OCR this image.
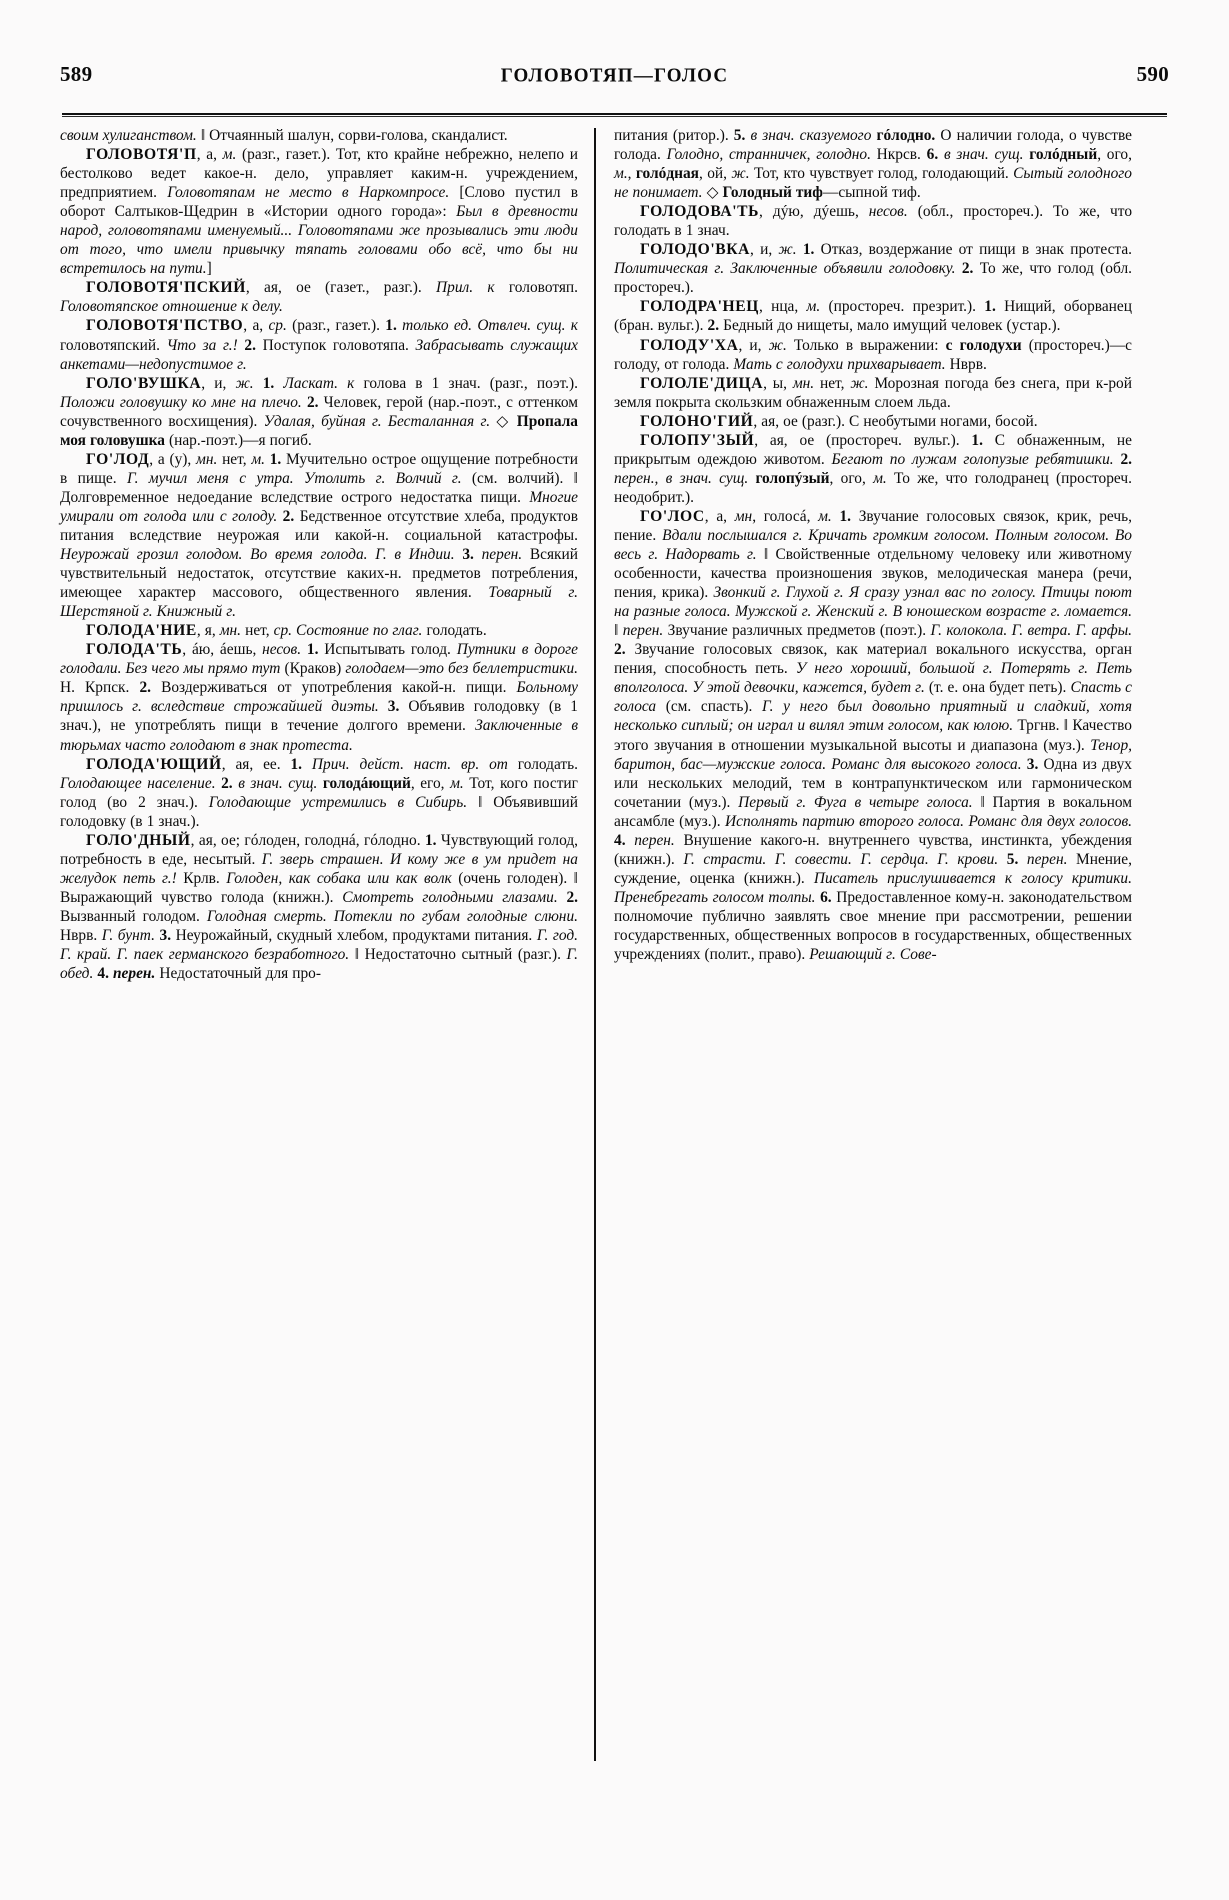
589	ГОЛОВОТЯП—ГОЛОС	590

своим хулиганством. ‖ Отчаянный шалун, сорви-голова, скандалист.

ГОЛОВОТЯ'П, а, м. (разг., газет.). Тот, кто крайне небрежно, нелепо и бестолково ведет какое-н. дело, управляет каким-н. учреждением, предприятием. Головотяпам не место в Наркомпросе. [Слово пустил в оборот Салтыков-Щедрин в «Истории одного города»: Был в древности народ, головотяпами именуемый... Головотяпами же прозывались эти люди от того, что имели привычку тяпать головами обо всё, что бы ни встретилось на пути.]

ГОЛОВОТЯ'ПСКИЙ, ая, ое (газет., разг.). Прил. к головотяп. Головотяпское отношение к делу.

ГОЛОВОТЯ'ПСТВО, а, ср. (разг., газет.). 1. только ед. Отвлеч. сущ. к головотяпский. Что за г.! 2. Поступок головотяпа. Забрасывать служащих анкетами—недопустимое г.

ГОЛО'ВУШКА, и, ж. 1. Ласкат. к голова в 1 знач. (разг., поэт.). Положи головушку ко мне на плечо. 2. Человек, герой (нар.-поэт., с оттенком сочувственного восхищения). Удалая, буйная г. Бесталанная г. ◇ Пропала моя головушка (нар.-поэт.)—я погиб.

ГО'ЛОД, а (у), мн. нет, м. 1. Мучительно острое ощущение потребности в пище. Г. мучил меня с утра. Утолить г. Волчий г. (см. волчий). ‖ Долговременное недоедание вследствие острого недостатка пищи. Многие умирали от голода или с голоду. 2. Бедственное отсутствие хлеба, продуктов питания вследствие неурожая или какой-н. социальной катастрофы. Неурожай грозил голодом. Во время голода. Г. в Индии. 3. перен. Всякий чувствительный недостаток, отсутствие каких-н. предметов потребления, имеющее характер массового, общественного явления. Товарный г. Шерстяной г. Книжный г.

ГОЛОДА'НИЕ, я, мн. нет, ср. Состояние по глаг. голодать.

ГОЛОДА'ТЬ, áю, áешь, несов. 1. Испытывать голод. Путники в дороге голодали. Без чего мы прямо тут (Краков) голодаем—это без беллетристики. Н. Крпск. 2. Воздерживаться от употребления какой-н. пищи. Больному пришлось г. вследствие строжайшей диэты. 3. Объявив голодовку (в 1 знач.), не употреблять пищи в течение долгого времени. Заключенные в тюрьмах часто голодают в знак протеста.

ГОЛОДА'ЮЩИЙ, ая, ее. 1. Прич. дейст. наст. вр. от голодать. Голодающее население. 2. в знач. сущ. голодáющий, его, м. Тот, кого постиг голод (во 2 знач.). Голодающие устремились в Сибирь. ‖ Объявивший голодовку (в 1 знач.).

ГОЛО'ДНЫЙ, ая, ое; гóлоден, голоднá, гóлодно. 1. Чувствующий голод, потребность в еде, несытый. Г. зверь страшен. И кому же в ум придет на желудок петь г.! Крлв. Голоден, как собака или как волк (очень голоден). ‖ Выражающий чувство голода (книжн.). Смотреть голодными глазами. 2. Вызванный голодом. Голодная смерть. Потекли по губам голодные слюни. Нврв. Г. бунт. 3. Неурожайный, скудный хлебом, продуктами питания. Г. год. Г. край. Г. паек германского безработного. ‖ Недостаточно сытный (разг.). Г. обед. 4. перен. Недостаточный для про-

питания (ритор.). 5. в знач. сказуемого гóлодно. О наличии голода, о чувстве голода. Голодно, странничек, голодно. Нкрсв. 6. в знач. сущ. голóдный, ого, м., голóдная, ой, ж. Тот, кто чувствует голод, голодающий. Сытый голодного не понимает. ◇ Голодный тиф—сыпной тиф.

ГОЛОДОВА'ТЬ, дýю, дýешь, несов. (обл., простореч.). То же, что голодать в 1 знач.

ГОЛОДО'ВКА, и, ж. 1. Отказ, воздержание от пищи в знак протеста. Политическая г. Заключенные объявили голодовку. 2. То же, что голод (обл. простореч.).

ГОЛОДРА'НЕЦ, нца, м. (простореч. презрит.). 1. Нищий, оборванец (бран. вульг.). 2. Бедный до нищеты, мало имущий человек (устар.).

ГОЛОДУ'ХА, и, ж. Только в выражении: с голодухи (простореч.)—с голоду, от голода. Мать с голодухи прихварывает. Нврв.

ГОЛОЛЕ'ДИЦА, ы, мн. нет, ж. Морозная погода без снега, при к-рой земля покрыта скользким обнаженным слоем льда.

ГОЛОНО'ГИЙ, ая, ое (разг.). С необутыми ногами, босой.

ГОЛОПУ'ЗЫЙ, ая, ое (простореч. вульг.). 1. С обнаженным, не прикрытым одеждою животом. Бегают по лужам голопузые ребятишки. 2. перен., в знач. сущ. голопýзый, ого, м. То же, что голодранец (простореч. неодобрит.).

ГО'ЛОС, а, мн, голосá, м. 1. Звучание голосовых связок, крик, речь, пение. Вдали послышался г. Кричать громким голосом. Полным голосом. Во весь г. Надорвать г. ‖ Свойственные отдельному человеку или животному особенности, качества произношения звуков, мелодическая манера (речи, пения, крика). Звонкий г. Глухой г. Я сразу узнал вас по голосу. Птицы поют на разные голоса. Мужской г. Женский г. В юношеском возрасте г. ломается. ‖ перен. Звучание различных предметов (поэт.). Г. колокола. Г. ветра. Г. арфы. 2. Звучание голосовых связок, как материал вокального искусства, орган пения, способность петь. У него хороший, большой г. Потерять г. Петь вполголоса. У этой девочки, кажется, будет г. (т. е. она будет петь). Спасть с голоса (см. спасть). Г. у него был довольно приятный и сладкий, хотя несколько сиплый; он играл и вилял этим голосом, как юлою. Тргнв. ‖ Качество этого звучания в отношении музыкальной высоты и диапазона (муз.). Тенор, баритон, бас—мужские голоса. Романс для высокого голоса. 3. Одна из двух или нескольких мелодий, тем в контрапунктическом или гармоническом сочетании (муз.). Первый г. Фуга в четыре голоса. ‖ Партия в вокальном ансамбле (муз.). Исполнять партию второго голоса. Романс для двух голосов. 4. перен. Внушение какого-н. внутреннего чувства, инстинкта, убеждения (книжн.). Г. страсти. Г. совести. Г. сердца. Г. крови. 5. перен. Мнение, суждение, оценка (книжн.). Писатель прислушивается к голосу критики. Пренебрегать голосом толпы. 6. Предоставленное кому-н. законодательством полномочие публично заявлять свое мнение при рассмотрении, решении государственных, общественных вопросов в государственных, общественных учреждениях (полит., право). Решающий г. Сове-
